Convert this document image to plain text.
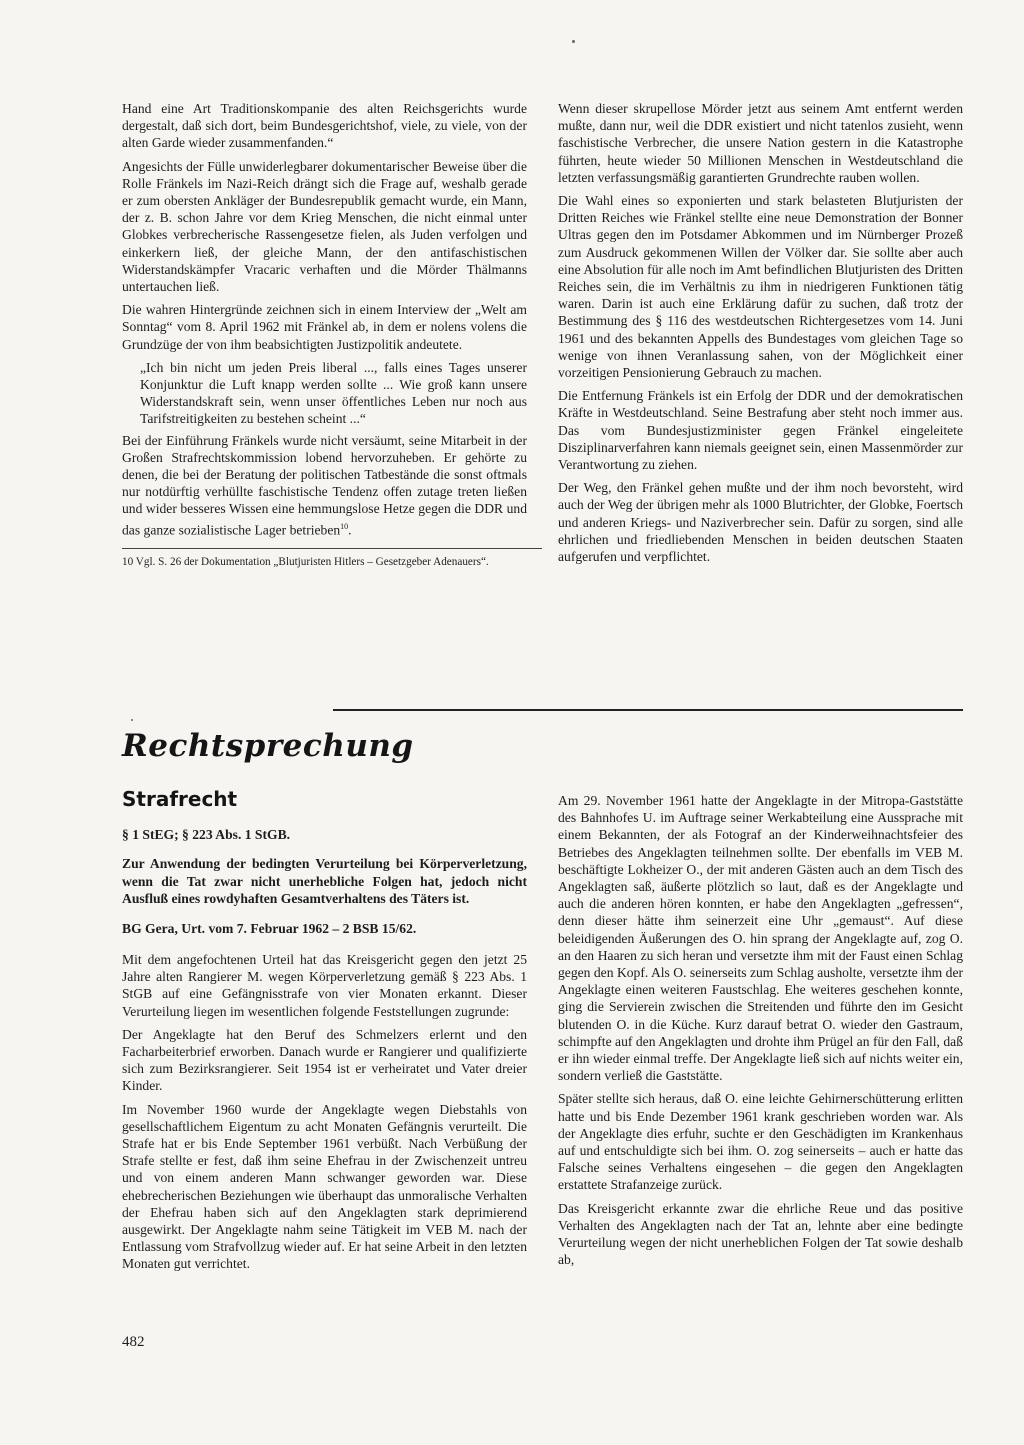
Hand eine Art Traditionskompanie des alten Reichsgerichts wurde dergestalt, daß sich dort, beim Bundesgerichtshof, viele, zu viele, von der alten Garde wieder zusammenfanden.“

Angesichts der Fülle unwiderlegbarer dokumentarischer Beweise über die Rolle Fränkels im Nazi-Reich drängt sich die Frage auf, weshalb gerade er zum obersten Ankläger der Bundesrepublik gemacht wurde, ein Mann, der z. B. schon Jahre vor dem Krieg Menschen, die nicht einmal unter Globkes verbrecherische Rassengesetze fielen, als Juden verfolgen und einkerkern ließ, der gleiche Mann, der den antifaschistischen Widerstandskämpfer Vracaric verhaften und die Mörder Thälmanns untertauchen ließ.

Die wahren Hintergründe zeichnen sich in einem Interview der „Welt am Sonntag“ vom 8. April 1962 mit Fränkel ab, in dem er nolens volens die Grundzüge der von ihm beabsichtigten Justizpolitik andeutete.

„Ich bin nicht um jeden Preis liberal ..., falls eines Tages unserer Konjunktur die Luft knapp werden sollte ... Wie groß kann unsere Widerstandskraft sein, wenn unser öffentliches Leben nur noch aus Tarifstreitigkeiten zu bestehen scheint ...“

Bei der Einführung Fränkels wurde nicht versäumt, seine Mitarbeit in der Großen Strafrechtskommission lobend hervorzuheben. Er gehörte zu denen, die bei der Beratung der politischen Tatbestände die sonst oftmals nur notdürftig verhüllte faschistische Tendenz offen zutage treten ließen und wider besseres Wissen eine hemmungslose Hetze gegen die DDR und das ganze sozialistische Lager betrieben$^{10}$.

10 Vgl. S. 26 der Dokumentation „Blutjuristen Hitlers – Gesetzgeber Adenauers“.

Wenn dieser skrupellose Mörder jetzt aus seinem Amt entfernt werden mußte, dann nur, weil die DDR existiert und nicht tatenlos zusieht, wenn faschistische Verbrecher, die unsere Nation gestern in die Katastrophe führten, heute wieder 50 Millionen Menschen in Westdeutschland die letzten verfassungsmäßig garantierten Grundrechte rauben wollen.

Die Wahl eines so exponierten und stark belasteten Blutjuristen der Dritten Reiches wie Fränkel stellte eine neue Demonstration der Bonner Ultras gegen den im Potsdamer Abkommen und im Nürnberger Prozeß zum Ausdruck gekommenen Willen der Völker dar. Sie sollte aber auch eine Absolution für alle noch im Amt befindlichen Blutjuristen des Dritten Reiches sein, die im Verhältnis zu ihm in niedrigeren Funktionen tätig waren. Darin ist auch eine Erklärung dafür zu suchen, daß trotz der Bestimmung des § 116 des westdeutschen Richtergesetzes vom 14. Juni 1961 und des bekannten Appells des Bundestages vom gleichen Tage so wenige von ihnen Veranlassung sahen, von der Möglichkeit einer vorzeitigen Pensionierung Gebrauch zu machen.

Die Entfernung Fränkels ist ein Erfolg der DDR und der demokratischen Kräfte in Westdeutschland. Seine Bestrafung aber steht noch immer aus. Das vom Bundesjustizminister gegen Fränkel eingeleitete Disziplinarverfahren kann niemals geeignet sein, einen Massenmörder zur Verantwortung zu ziehen.

Der Weg, den Fränkel gehen mußte und der ihm noch bevorsteht, wird auch der Weg der übrigen mehr als 1000 Blutrichter, der Globke, Foertsch und anderen Kriegs- und Naziverbrecher sein. Dafür zu sorgen, sind alle ehrlichen und friedliebenden Menschen in beiden deutschen Staaten aufgerufen und verpflichtet.

Rechtsprechung
Strafrecht

§ 1 StEG; § 223 Abs. 1 StGB.

Zur Anwendung der bedingten Verurteilung bei Körperverletzung, wenn die Tat zwar nicht unerhebliche Folgen hat, jedoch nicht Ausfluß eines rowdyhaften Gesamtverhaltens des Täters ist.

BG Gera, Urt. vom 7. Februar 1962 – 2 BSB 15/62.

Mit dem angefochtenen Urteil hat das Kreisgericht gegen den jetzt 25 Jahre alten Rangierer M. wegen Körperverletzung gemäß § 223 Abs. 1 StGB auf eine Gefängnisstrafe von vier Monaten erkannt. Dieser Verurteilung liegen im wesentlichen folgende Feststellungen zugrunde:

Der Angeklagte hat den Beruf des Schmelzers erlernt und den Facharbeiterbrief erworben. Danach wurde er Rangierer und qualifizierte sich zum Bezirksrangierer. Seit 1954 ist er verheiratet und Vater dreier Kinder.

Im November 1960 wurde der Angeklagte wegen Diebstahls von gesellschaftlichem Eigentum zu acht Monaten Gefängnis verurteilt. Die Strafe hat er bis Ende September 1961 verbüßt. Nach Verbüßung der Strafe stellte er fest, daß ihm seine Ehefrau in der Zwischenzeit untreu und von einem anderen Mann schwanger geworden war. Diese ehebrecherischen Beziehungen wie überhaupt das unmoralische Verhalten der Ehefrau haben sich auf den Angeklagten stark deprimierend ausgewirkt. Der Angeklagte nahm seine Tätigkeit im VEB M. nach der Entlassung vom Strafvollzug wieder auf. Er hat seine Arbeit in den letzten Monaten gut verrichtet.

Am 29. November 1961 hatte der Angeklagte in der Mitropa-Gaststätte des Bahnhofes U. im Auftrage seiner Werkabteilung eine Aussprache mit einem Bekannten, der als Fotograf an der Kinderweihnachtsfeier des Betriebes des Angeklagten teilnehmen sollte. Der ebenfalls im VEB M. beschäftigte Lokheizer O., der mit anderen Gästen auch an dem Tisch des Angeklagten saß, äußerte plötzlich so laut, daß es der Angeklagte und auch die anderen hören konnten, er habe den Angeklagten „gefressen“, denn dieser hätte ihm seinerzeit eine Uhr „gemaust“. Auf diese beleidigenden Äußerungen des O. hin sprang der Angeklagte auf, zog O. an den Haaren zu sich heran und versetzte ihm mit der Faust einen Schlag gegen den Kopf. Als O. seinerseits zum Schlag ausholte, versetzte ihm der Angeklagte einen weiteren Faustschlag. Ehe weiteres geschehen konnte, ging die Servierein zwischen die Streitenden und führte den im Gesicht blutenden O. in die Küche. Kurz darauf betrat O. wieder den Gastraum, schimpfte auf den Angeklagten und drohte ihm Prügel an für den Fall, daß er ihn wieder einmal treffe. Der Angeklagte ließ sich auf nichts weiter ein, sondern verließ die Gaststätte.

Später stellte sich heraus, daß O. eine leichte Gehirnerschütterung erlitten hatte und bis Ende Dezember 1961 krank geschrieben worden war. Als der Angeklagte dies erfuhr, suchte er den Geschädigten im Krankenhaus auf und entschuldigte sich bei ihm. O. zog seinerseits – auch er hatte das Falsche seines Verhaltens eingesehen – die gegen den Angeklagten erstattete Strafanzeige zurück.

Das Kreisgericht erkannte zwar die ehrliche Reue und das positive Verhalten des Angeklagten nach der Tat an, lehnte aber eine bedingte Verurteilung wegen der nicht unerheblichen Folgen der Tat sowie deshalb ab,

482
